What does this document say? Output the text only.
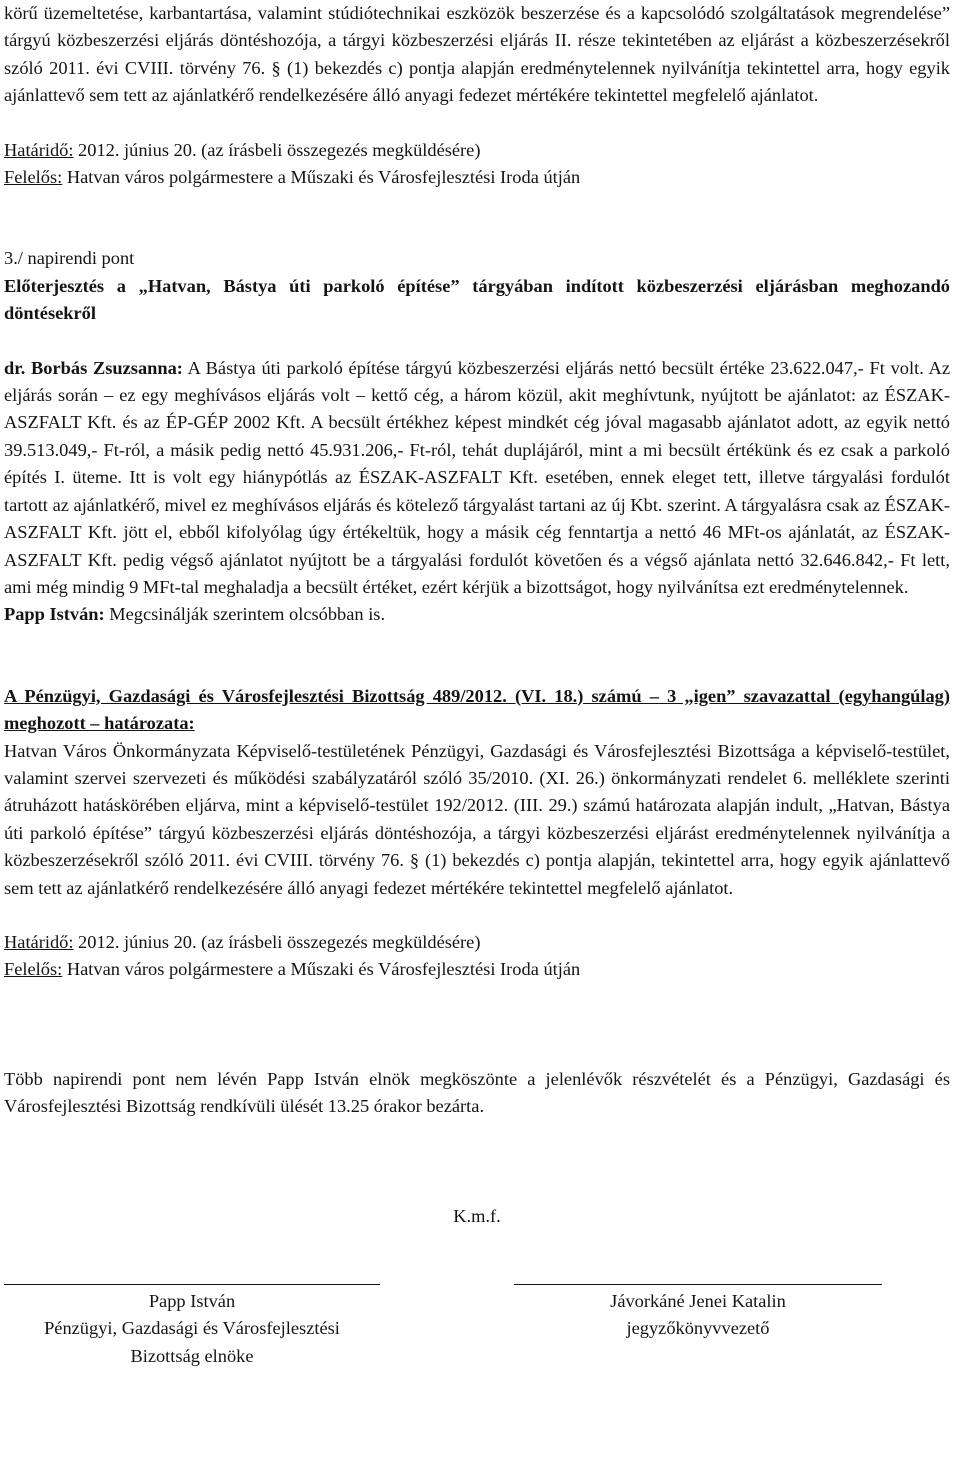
körű üzemeltetése, karbantartása, valamint stúdiótechnikai eszközök beszerzése és a kapcsolódó szolgáltatások megrendelése” tárgyú közbeszerzési eljárás döntéshozója, a tárgyi közbeszerzési eljárás II. része tekintetében az eljárást a közbeszerzésekről szóló 2011. évi CVIII. törvény 76. § (1) bekezdés c) pontja alapján eredménytelennek nyilvánítja tekintettel arra, hogy egyik ajánlattevő sem tett az ajánlatkérő rendelkezésére álló anyagi fedezet mértékére tekintettel megfelelő ajánlatot.

Határidő: 2012. június 20. (az írásbeli összegezés megküldésére)

Felelős: Hatvan város polgármestere a Műszaki és Városfejlesztési Iroda útján

3./ napirendi pont

Előterjesztés a „Hatvan, Bástya úti parkoló építése” tárgyában indított közbeszerzési eljárásban meghozandó döntésekről

dr. Borbás Zsuzsanna: A Bástya úti parkoló építése tárgyú közbeszerzési eljárás nettó becsült értéke 23.622.047,- Ft volt. Az eljárás során – ez egy meghívásos eljárás volt – kettő cég, a három közül, akit meghívtunk, nyújtott be ajánlatot: az ÉSZAK-ASZFALT Kft. és az ÉP-GÉP 2002 Kft. A becsült értékhez képest mindkét cég jóval magasabb ajánlatot adott, az egyik nettó 39.513.049,- Ft-ról, a másik pedig nettó 45.931.206,- Ft-ról, tehát duplájáról, mint a mi becsült értékünk és ez csak a parkoló építés I. üteme. Itt is volt egy hiánypótlás az ÉSZAK-ASZFALT Kft. esetében, ennek eleget tett, illetve tárgyalási fordulót tartott az ajánlatkérő, mivel ez meghívásos eljárás és kötelező tárgyalást tartani az új Kbt. szerint. A tárgyalásra csak az ÉSZAK-ASZFALT Kft. jött el, ebből kifolyólag úgy értékeltük, hogy a másik cég fenntartja a nettó 46 MFt-os ajánlatát, az ÉSZAK-ASZFALT Kft. pedig végső ajánlatot nyújtott be a tárgyalási fordulót követően és a végső ajánlata nettó 32.646.842,- Ft lett, ami még mindig 9 MFt-tal meghaladja a becsült értéket, ezért kérjük a bizottságot, hogy nyilvánítsa ezt eredménytelennek.

Papp István: Megcsinálják szerintem olcsóbban is.

A Pénzügyi, Gazdasági és Városfejlesztési Bizottság 489/2012. (VI. 18.) számú – 3 „igen” szavazattal (egyhangúlag) meghozott – határozata:

Hatvan Város Önkormányzata Képviselő-testületének Pénzügyi, Gazdasági és Városfejlesztési Bizottsága a képviselő-testület, valamint szervei szervezeti és működési szabályzatáról szóló 35/2010. (XI. 26.) önkormányzati rendelet 6. melléklete szerinti átruházott hatáskörében eljárva, mint a képviselő-testület 192/2012. (III. 29.) számú határozata alapján indult, „Hatvan, Bástya úti parkoló építése” tárgyú közbeszerzési eljárás döntéshozója, a tárgyi közbeszerzési eljárást eredménytelennek nyilvánítja a közbeszerzésekről szóló 2011. évi CVIII. törvény 76. § (1) bekezdés c) pontja alapján, tekintettel arra, hogy egyik ajánlattevő sem tett az ajánlatkérő rendelkezésére álló anyagi fedezet mértékére tekintettel megfelelő ajánlatot.

Határidő: 2012. június 20. (az írásbeli összegezés megküldésére)

Felelős: Hatvan város polgármestere a Műszaki és Városfejlesztési Iroda útján

Több napirendi pont nem lévén Papp István elnök megköszönte a jelenlévők részvételét és a Pénzügyi, Gazdasági és Városfejlesztési Bizottság rendkívüli ülését 13.25 órakor bezárta.

K.m.f.

Papp István
Pénzügyi, Gazdasági és Városfejlesztési
Bizottság elnöke
Jávorkáné Jenei Katalin
jegyzőkönyvvezető
